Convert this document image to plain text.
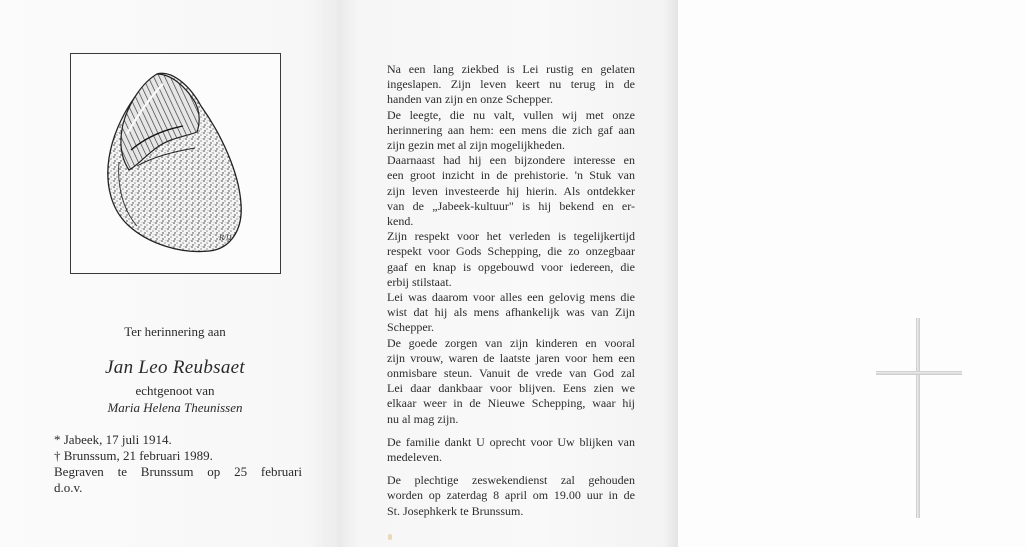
R/l1
Ter herinnering aan
Jan Leo Reubsaet
echtgenoot van
Maria Helena Theunissen
* Jabeek, 17 juli 1914.
† Brunssum, 21 februari 1989.
Begraven te Brunssum op 25 februari
d.o.v.
Na een lang ziekbed is Lei rustig en gelaten
ingeslapen. Zijn leven keert nu terug in de
handen van zijn en onze Schepper.
De leegte, die nu valt, vullen wij met onze
herinnering aan hem: een mens die zich gaf aan
zijn gezin met al zijn mogelijkheden.
Daarnaast had hij een bijzondere interesse en
een groot inzicht in de prehistorie. 'n Stuk van
zijn leven investeerde hij hierin. Als ontdekker
van de „Jabeek-kultuur" is hij bekend en er-
kend.
Zijn respekt voor het verleden is tegelijkertijd
respekt voor Gods Schepping, die zo onzegbaar
gaaf en knap is opgebouwd voor iedereen, die
erbij stilstaat.
Lei was daarom voor alles een gelovig mens die
wist dat hij als mens afhankelijk was van Zijn
Schepper.
De goede zorgen van zijn kinderen en vooral
zijn vrouw, waren de laatste jaren voor hem een
onmisbare steun. Vanuit de vrede van God zal
Lei daar dankbaar voor blijven. Eens zien we
elkaar weer in de Nieuwe Schepping, waar hij
nu al mag zijn.
De familie dankt U oprecht voor Uw blijken van
medeleven.
De plechtige zeswekendienst zal gehouden
worden op zaterdag 8 april om 19.00 uur in de
St. Josephkerk te Brunssum.
